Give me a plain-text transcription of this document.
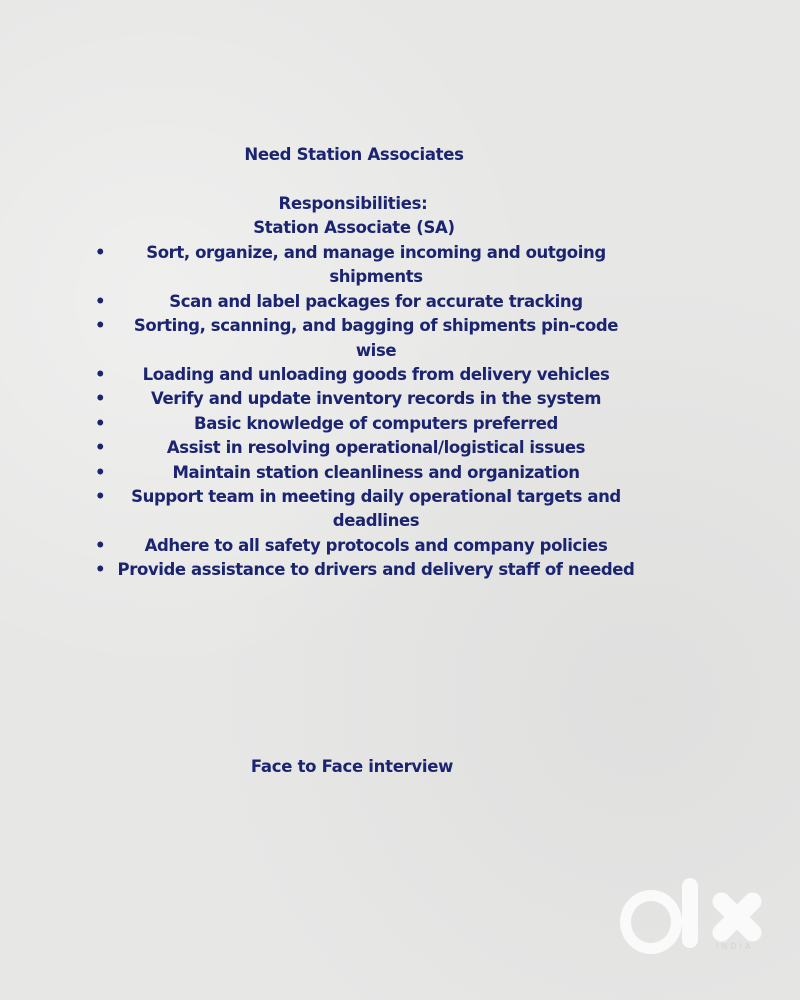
Need Station Associates
Responsibilities:
Station Associate (SA)
• Sort, organize, and manage incoming and outgoing shipments
•	Scan and label packages for accurate tracking
• Sorting, scanning, and bagging of shipments pin-code wise
• Loading and unloading goods from delivery vehicles
•	Verify and update inventory records in the system
•	Basic knowledge of computers preferred
•	Assist in resolving operational/logistical issues
•	Maintain station cleanliness and organization
• Support team in meeting daily operational targets and deadlines
• Adhere to all safety protocols and company policies
• Provide assistance to drivers and delivery staff of needed
Face to Face interview
INDIA
